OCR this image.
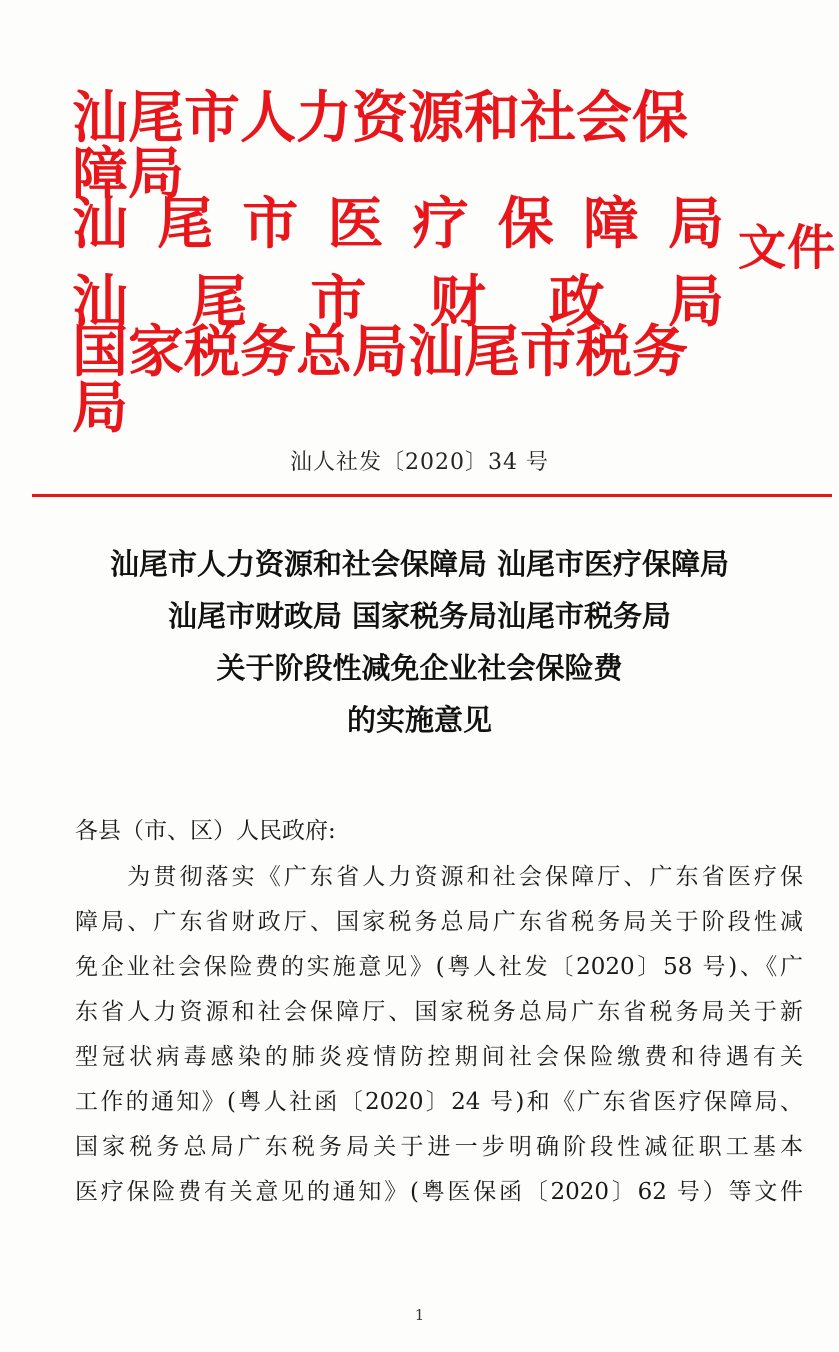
汕尾市人力资源和社会保障局
汕 尾 市 医 疗 保 障 局
汕 尾 市 财 政 局
国家税务总局汕尾市税务局
文件
汕人社发〔2020〕34 号
汕尾市人力资源和社会保障局 汕尾市医疗保障局
汕尾市财政局 国家税务局汕尾市税务局
关于阶段性减免企业社会保险费
的实施意见
各县（市、区）人民政府:
　　为贯彻落实《广东省人力资源和社会保障厅、广东省医疗保
障局、广东省财政厅、国家税务总局广东省税务局关于阶段性减
免企业社会保险费的实施意见》(粤人社发〔2020〕58 号)、《广
东省人力资源和社会保障厅、国家税务总局广东省税务局关于新
型冠状病毒感染的肺炎疫情防控期间社会保险缴费和待遇有关
工作的通知》(粤人社函〔2020〕24 号)和《广东省医疗保障局、
国家税务总局广东税务局关于进一步明确阶段性减征职工基本
医疗保险费有关意见的通知》(粤医保函〔2020〕62 号）等文件
1
